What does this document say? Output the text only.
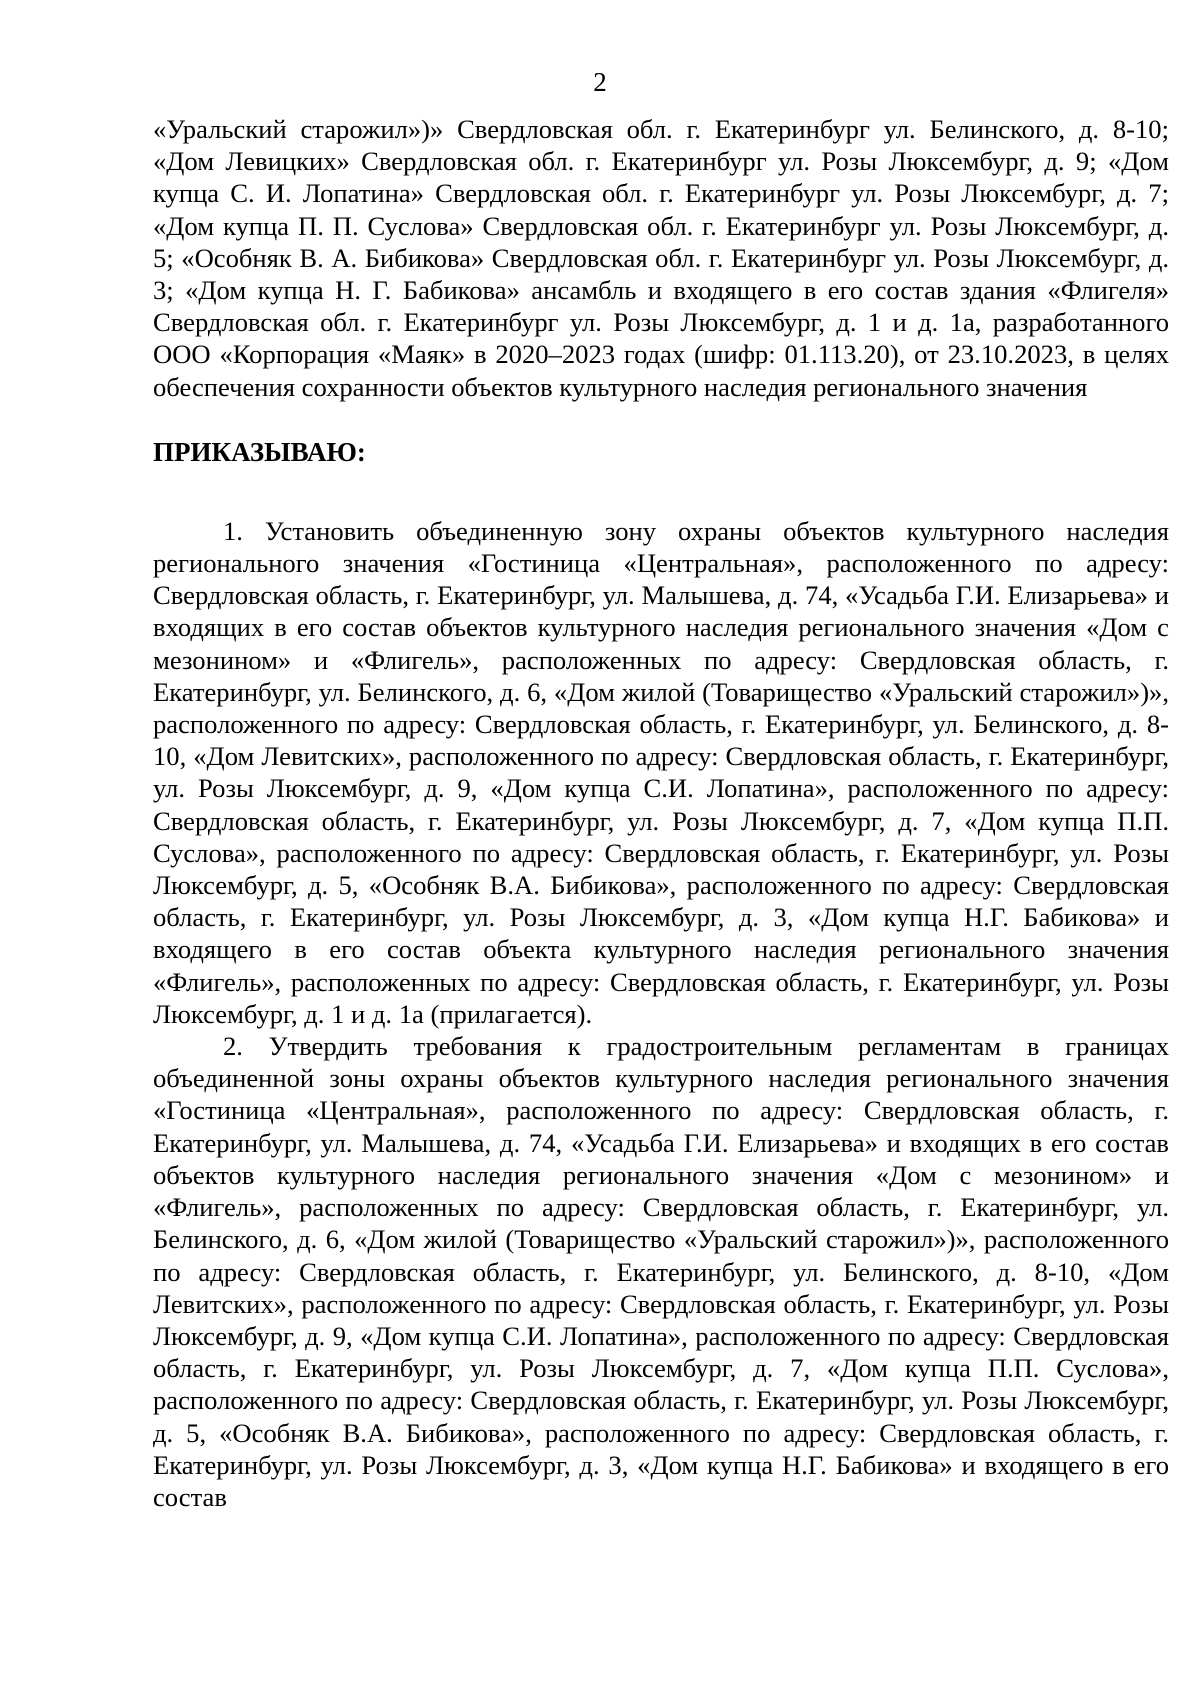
2

«Уральский старожил»)» Свердловская обл. г. Екатеринбург ул. Белинского, д. 8-10; «Дом Левицких» Свердловская обл. г. Екатеринбург ул. Розы Люксембург, д. 9; «Дом купца С. И. Лопатина» Свердловская обл. г. Екатеринбург ул. Розы Люксембург, д. 7; «Дом купца П. П. Суслова» Свердловская обл. г. Екатеринбург ул. Розы Люксембург, д. 5; «Особняк В. А. Бибикова» Свердловская обл. г. Екатеринбург ул. Розы Люксембург, д. 3; «Дом купца Н. Г. Бабикова» ансамбль и входящего в его состав здания «Флигеля» Свердловская обл. г. Екатеринбург ул. Розы Люксембург, д. 1 и д. 1а, разработанного ООО «Корпорация «Маяк» в 2020–2023 годах (шифр: 01.113.20), от 23.10.2023, в целях обеспечения сохранности объектов культурного наследия регионального значения

ПРИКАЗЫВАЮ:

1. Установить объединенную зону охраны объектов культурного наследия регионального значения «Гостиница «Центральная», расположенного по адресу: Свердловская область, г. Екатеринбург, ул. Малышева, д. 74, «Усадьба Г.И. Елизарьева» и входящих в его состав объектов культурного наследия регионального значения «Дом с мезонином» и «Флигель», расположенных по адресу: Свердловская область, г. Екатеринбург, ул. Белинского, д. 6, «Дом жилой (Товарищество «Уральский старожил»)», расположенного по адресу: Свердловская область, г. Екатеринбург, ул. Белинского, д. 8-10, «Дом Левитских», расположенного по адресу: Свердловская область, г. Екатеринбург, ул. Розы Люксембург, д. 9, «Дом купца С.И. Лопатина», расположенного по адресу: Свердловская область, г. Екатеринбург, ул. Розы Люксембург, д. 7, «Дом купца П.П. Суслова», расположенного по адресу: Свердловская область, г. Екатеринбург, ул. Розы Люксембург, д. 5, «Особняк В.А. Бибикова», расположенного по адресу: Свердловская область, г. Екатеринбург, ул. Розы Люксембург, д. 3, «Дом купца Н.Г. Бабикова» и входящего в его состав объекта культурного наследия регионального значения «Флигель», расположенных по адресу: Свердловская область, г. Екатеринбург, ул. Розы Люксембург, д. 1 и д. 1а (прилагается).

2. Утвердить требования к градостроительным регламентам в границах объединенной зоны охраны объектов культурного наследия регионального значения «Гостиница «Центральная», расположенного по адресу: Свердловская область, г. Екатеринбург, ул. Малышева, д. 74, «Усадьба Г.И. Елизарьева» и входящих в его состав объектов культурного наследия регионального значения «Дом с мезонином» и «Флигель», расположенных по адресу: Свердловская область, г. Екатеринбург, ул. Белинского, д. 6, «Дом жилой (Товарищество «Уральский старожил»)», расположенного по адресу: Свердловская область, г. Екатеринбург, ул. Белинского, д. 8-10, «Дом Левитских», расположенного по адресу: Свердловская область, г. Екатеринбург, ул. Розы Люксембург, д. 9, «Дом купца С.И. Лопатина», расположенного по адресу: Свердловская область, г. Екатеринбург, ул. Розы Люксембург, д. 7, «Дом купца П.П. Суслова», расположенного по адресу: Свердловская область, г. Екатеринбург, ул. Розы Люксембург, д. 5, «Особняк В.А. Бибикова», расположенного по адресу: Свердловская область, г. Екатеринбург, ул. Розы Люксембург, д. 3, «Дом купца Н.Г. Бабикова» и входящего в его состав
